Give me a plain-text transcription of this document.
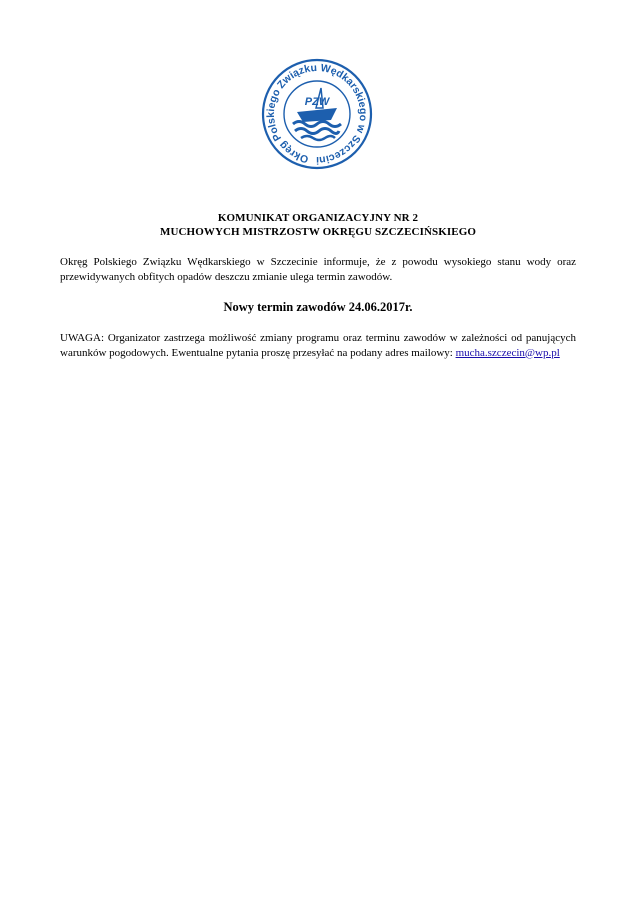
Okręg Polskiego Związku Wędkarskiego w Szczecini
PZW
KOMUNIKAT ORGANIZACYJNY NR 2
MUCHOWYCH MISTRZOSTW OKRĘGU SZCZECIŃSKIEGO
Okręg Polskiego Związku Wędkarskiego w Szczecinie informuje, że z powodu wysokiego stanu wody oraz przewidywanych obfitych opadów deszczu zmianie ulega termin zawodów.
Nowy termin zawodów 24.06.2017r.
UWAGA: Organizator zastrzega możliwość zmiany programu oraz terminu zawodów w zależności od panujących warunków pogodowych. Ewentualne pytania proszę przesyłać na podany adres mailowy: mucha.szczecin@wp.pl
